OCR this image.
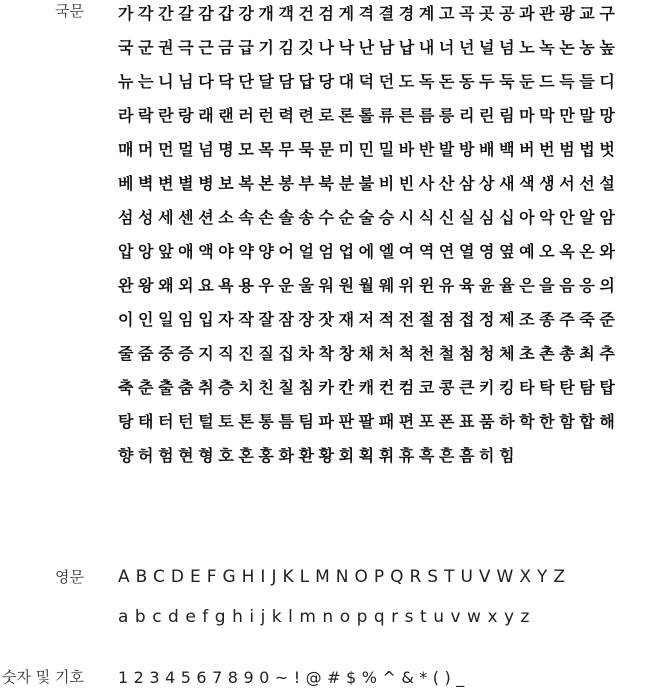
국문
영문
숫자 및 기호
가각간갈감갑강개객건검게격결경계고곡곳공과관광교구
국군권극근금급기김깃나낙난남납내너넌널넘노녹논농높
뉴는니님다닥단달담답당대덕던도독돈동두둑둔드득들디
라락란랑래랜러런력련로론롤류른름릉리린림마막만말망
매머먼멀넘명모목무묵문미민밀바반발방배백버번범법벗
베벽변별병보복본봉부북분불비빈사산삼상새색생서선설
섬성세센션소속손솔송수순술승시식신실심십아악안알암
압앙앞애액야약양어얼엄업에엘여역연열영옆예오옥온와
완왕왜외요욕용우운울워원월웨위윈유육윤율은을음응의
이인일임입자작잘잠장잣재저적전절점접정제조종주죽준
줄줌중증지직진질집차착창채처척천철첨청체초촌총최추
축춘출춤취층치친칠침카칸캐컨컴코콩큰키킹타탁탄탐탑
탕태터턴털토톤통틈팀파판팔패편포폰표품하학한함합해
향허험현형호혼홍화환황회획휘휴흑흔흠히힘
ABCDEFGHIJKLMNOPQRSTUVWXYZ
abcdefghijklmnopqrstuvwxyz
1234567890~!@#$%^&*()_
